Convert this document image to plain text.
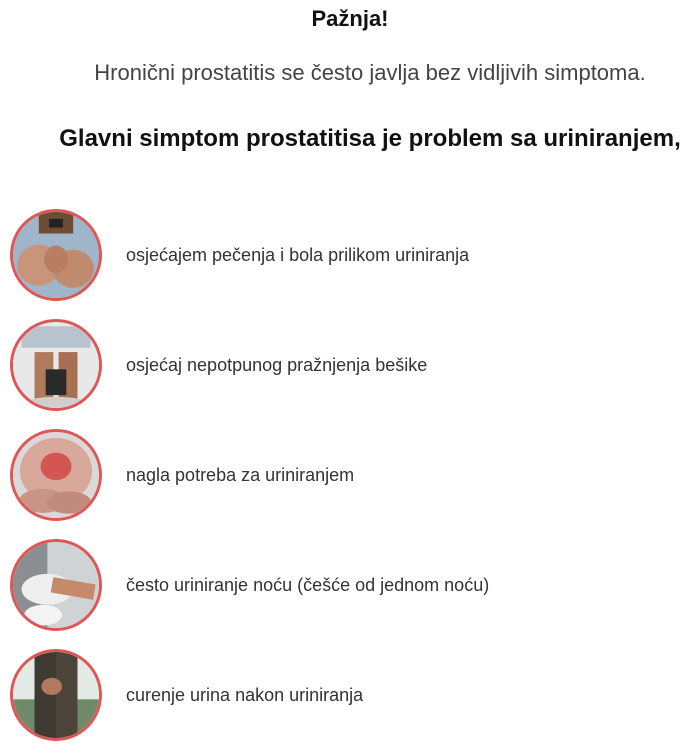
Pažnja!
Hronični prostatitis se često javlja bez vidljivih simptoma.
Glavni simptom prostatitisa je problem sa uriniranjem,
osjećajem pečenja i bola prilikom uriniranja
osjećaj nepotpunog pražnjenja bešike
nagla potreba za uriniranjem
često uriniranje noću (češće od jednom noću)
curenje urina nakon uriniranja
